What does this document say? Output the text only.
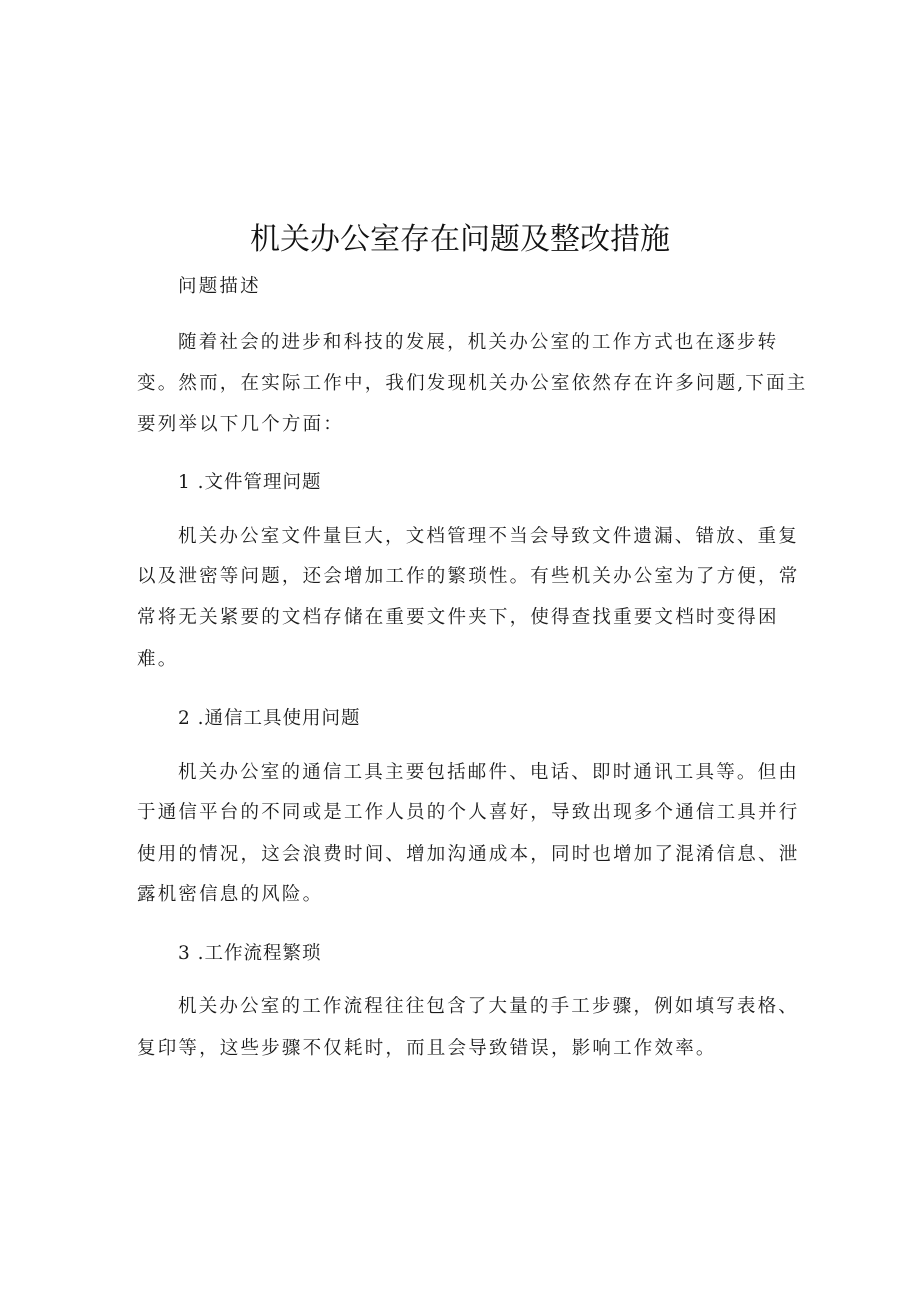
机关办公室存在问题及整改措施

问题描述

随着社会的进步和科技的发展，机关办公室的工作方式也在逐步转

变。然而，在实际工作中，我们发现机关办公室依然存在许多问题,下面主

要列举以下几个方面：

1 .文件管理问题

机关办公室文件量巨大，文档管理不当会导致文件遗漏、错放、重复

以及泄密等问题，还会增加工作的繁琐性。有些机关办公室为了方便，常

常将无关紧要的文档存储在重要文件夹下，使得查找重要文档时变得困

难。

2 .通信工具使用问题

机关办公室的通信工具主要包括邮件、电话、即时通讯工具等。但由

于通信平台的不同或是工作人员的个人喜好，导致出现多个通信工具并行

使用的情况，这会浪费时间、增加沟通成本，同时也增加了混淆信息、泄

露机密信息的风险。

3 .工作流程繁琐

机关办公室的工作流程往往包含了大量的手工步骤，例如填写表格、

复印等，这些步骤不仅耗时，而且会导致错误，影响工作效率。
